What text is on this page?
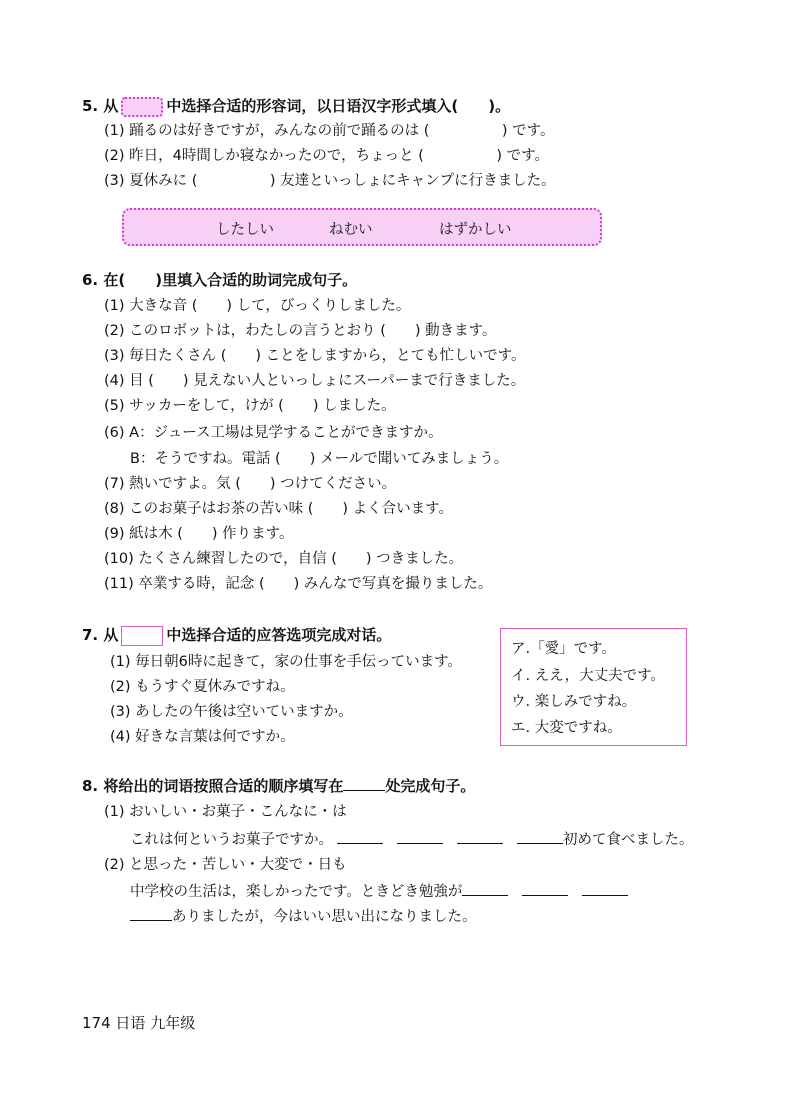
5. 从	中选择合适的形容词，以日语汉字形式填入(　　)。
(1) 踊るのは好きですが，みんなの前で踊るのは (　　　　　) です。
(2) 昨日，4時間しか寝なかったので，ちょっと (　　　　　) です。
(3) 夏休みに (　　　　　) 友達といっしょにキャンプに行きました。
したしい	ねむい	はずかしい
6. 在(　　)里填入合适的助词完成句子。
(1) 大きな音 (　　) して，びっくりしました。
(2) このロボットは，わたしの言うとおり (　　) 動きます。
(3) 毎日たくさん (　　) ことをしますから，とても忙しいです。
(4) 目 (　　) 見えない人といっしょにスーパーまで行きました。
(5) サッカーをして，けが (　　) しました。
(6) A：ジュース工場は見学することができますか。
B：そうですね。電話 (　　) メールで聞いてみましょう。
(7) 熱いですよ。気 (　　) つけてください。
(8) このお菓子はお茶の苦い味 (　　) よく合います。
(9) 紙は木 (　　) 作ります。
(10) たくさん練習したので，自信 (　　) つきました。
(11) 卒業する時，記念 (　　) みんなで写真を撮りました。
7. 从	中选择合适的应答选项完成对话。
(1) 毎日朝6時に起きて，家の仕事を手伝っています。
(2) もうすぐ夏休みですね。
(3) あしたの午後は空いていますか。
(4) 好きな言葉は何ですか。
ア.「愛」です。
イ. ええ，大丈夫です。
ウ. 楽しみですね。
エ. 大変ですね。
8. 将给出的词语按照合适的顺序填写在	处完成句子。
(1) おいしい・お菓子・こんなに・は
これは何というお菓子ですか。	初めて食べました。
(2) と思った・苦しい・大変で・日も
中学校の生活は，楽しかったです。ときどき勉強が
ありましたが，今はいい思い出になりました。
174 日语 九年级
